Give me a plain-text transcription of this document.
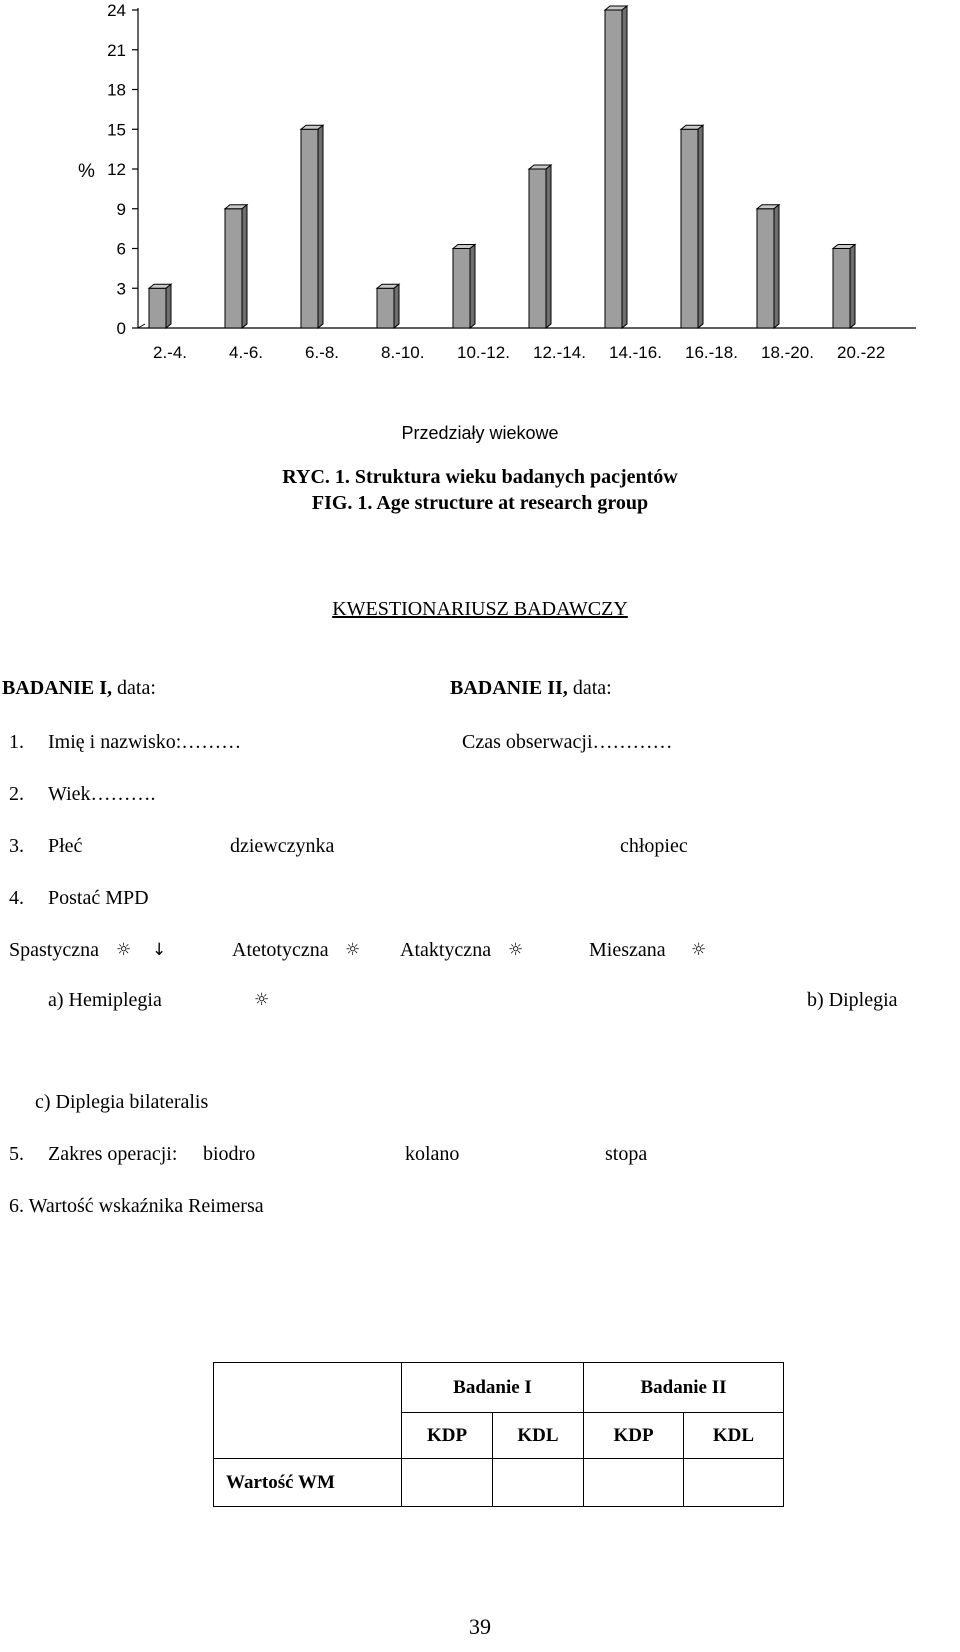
0
3
6
9
12
15
18
21
24
%
2.-4. 4.-6. 6.-8. 8.-10. 10.-12. 12.-14. 14.-16. 16.-18. 18.-20. 20.-22
Przedziały wiekowe
RYC. 1. Struktura wieku badanych pacjentów
FIG. 1. Age structure at research group
KWESTIONARIUSZ BADAWCZY
BADANIE I, data:	BADANIE II, data:
1. Imię i nazwisko:………	Czas obserwacji…………
2. Wiek……….
3. Płeć	dziewczynka	chłopiec
4. Postać MPD
Spastyczna ☼ ↓	Atetotyczna ☼ Ataktyczna ☼	Mieszana ☼
a) Hemiplegia	☼	b) Diplegia
c) Diplegia bilateralis
5. Zakres operacji: biodro	kolano	stopa
6. Wartość wskaźnika Reimersa
	Badanie I		Badanie II	
	KDP	KDL	KDP	KDL
Wartość WM				
39
